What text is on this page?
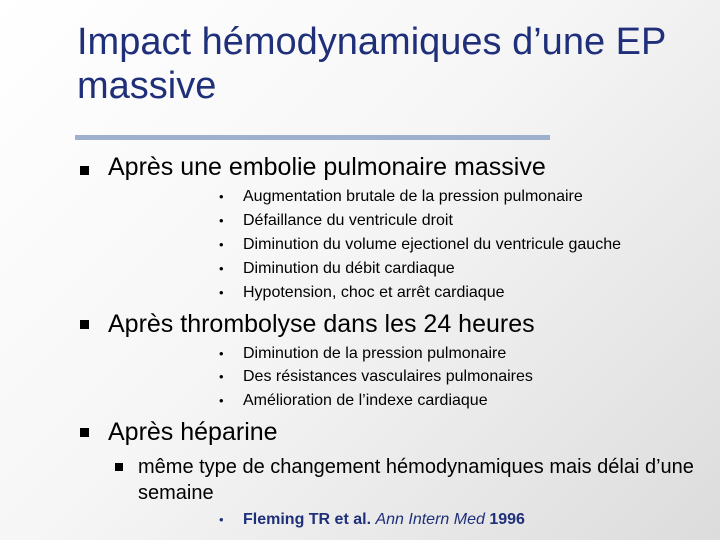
Impact hémodynamiques d’une EP massive
Après une embolie pulmonaire massive
• Augmentation brutale de la pression pulmonaire
• Défaillance du ventricule droit
• Diminution du volume ejectionel du ventricule gauche
• Diminution du débit cardiaque
• Hypotension, choc et arrêt cardiaque
Après thrombolyse dans les 24 heures
• Diminution de la pression pulmonaire
• Des résistances vasculaires pulmonaires
• Amélioration de l’indexe cardiaque
Après héparine
même type de changement hémodynamiques mais délai d’une semaine
• Fleming TR et al. Ann Intern Med 1996
